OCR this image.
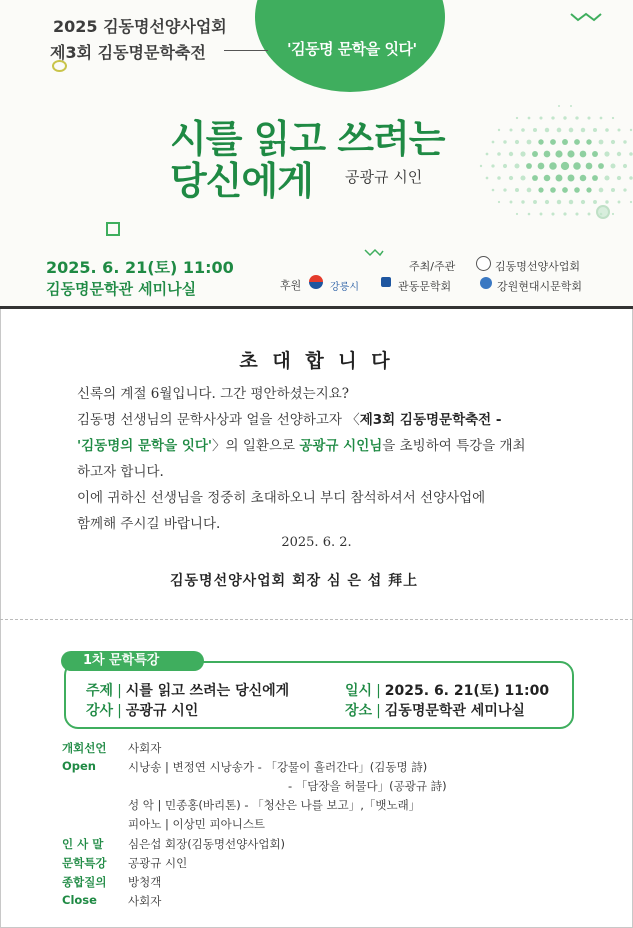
2025 김동명선양사업회
제3회 김동명문학축전	'김동명 문학을 잇다'
시를 읽고 쓰려는
당신에게 공광규 시인
2025. 6. 21(토) 11:00
김동명문학관 세미나실
주최/주관	김동명선양사업회
후원	강릉시	관동문학회	강원현대시문학회
초 대 합 니 다
신록의 계절 6월입니다. 그간 평안하셨는지요?
김동명 선생님의 문학사상과 얼을 선양하고자 〈제3회 김동명문학축전 -
'김동명의 문학을 잇다'〉의 일환으로 공광규 시인님을 초빙하여 특강을 개최
하고자 합니다.
이에 귀하신 선생님을 정중히 초대하오니 부디 참석하셔서 선양사업에
함께해 주시길 바랍니다.
2025. 6. 2.
김동명선양사업회 회장 심 은 섭 拜上
1차 문학특강
주제 | 시를 읽고 쓰려는 당신에게	일시 | 2025. 6. 21(토) 11:00
강사 | 공광규 시인	장소 | 김동명문학관 세미나실
개회선언 사회자
Open	시낭송 | 변정연 시낭송가 - 「강물이 흘러간다」(김동명 詩)
- 「담장을 허물다」(공광규 詩)
성 악 | 민종홍(바리톤) - 「청산은 나를 보고」,「뱃노래」
피아노 | 이상민 피아니스트
인 사 말 심은섭 회장(김동명선양사업회)
문학특강 공광규 시인
종합질의 방청객
Close	사회자
